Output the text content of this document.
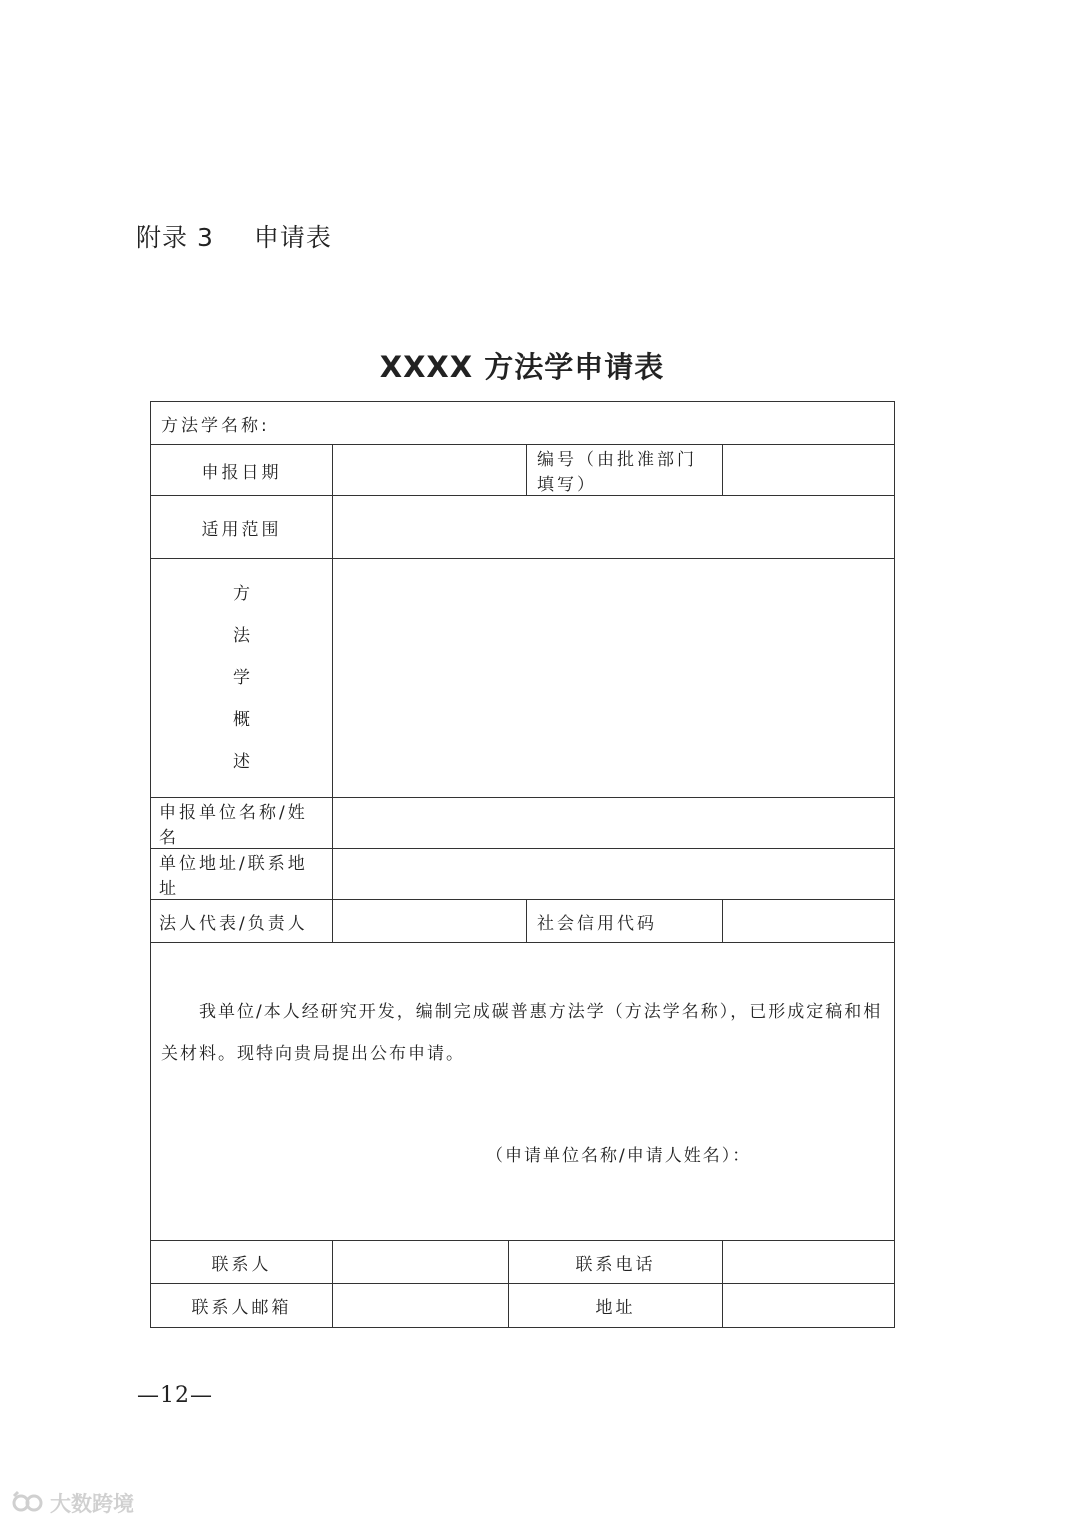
附录 3 申请表
XXXX 方法学申请表
方法学名称:				
申报日期			编号（由批准部门填写）	
适用范围				

方
法
学
概
述				

申报单位名称/姓名				
单位地址/联系地址				
法人代表/负责人			社会信用代码	

我单位/本人经研究开发，编制完成碳普惠方法学（方法学名称），已形成定稿和相关材料。现特向贵局提出公布申请。
（申请单位名称/申请人姓名）：				

联系人		联系电话		
联系人邮箱		地址		
—12—
大数跨境
